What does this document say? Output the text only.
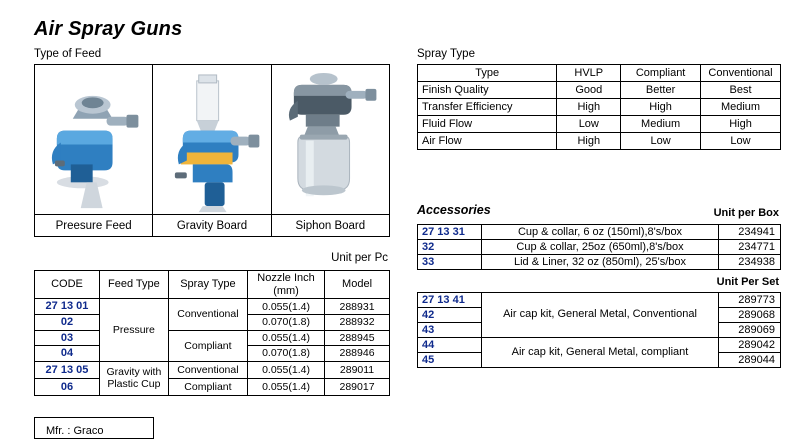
Air Spray Guns
Type of Feed

Preesure Feed	Gravity Board	Siphon Board
Unit per Pc
CODE	Feed Type	Spray Type	Nozzle Inch (mm)	Model
27 13 01	Pressure	Conventional	0.055(1.4)	288931
02			0.070(1.8)	288932
03		Compliant	0.055(1.4)	288945
04			0.070(1.8)	288946
27 13 05	Gravity with Plastic Cup	Conventional	0.055(1.4)	289011
06		Compliant	0.055(1.4)	289017
Mfr. : Graco
Spray Type
Type	HVLP	Compliant	Conventional
Finish Quality	Good	Better	Best
Transfer Efficiency	High	High	Medium
Fluid Flow	Low	Medium	High
Air Flow	High	Low	Low
Accessories	Unit per Box
27 13 31	Cup & collar, 6 oz (150ml),8's/box	234941
32	Cup & collar, 25oz (650ml),8's/box	234771
33	Lid & Liner, 32 oz (850ml), 25's/box	234938
Unit Per Set
27 13 41	Air cap kit, General Metal, Conventional	289773
42		289068
43		289069
44	Air cap kit, General Metal, compliant	289042
45		289044
